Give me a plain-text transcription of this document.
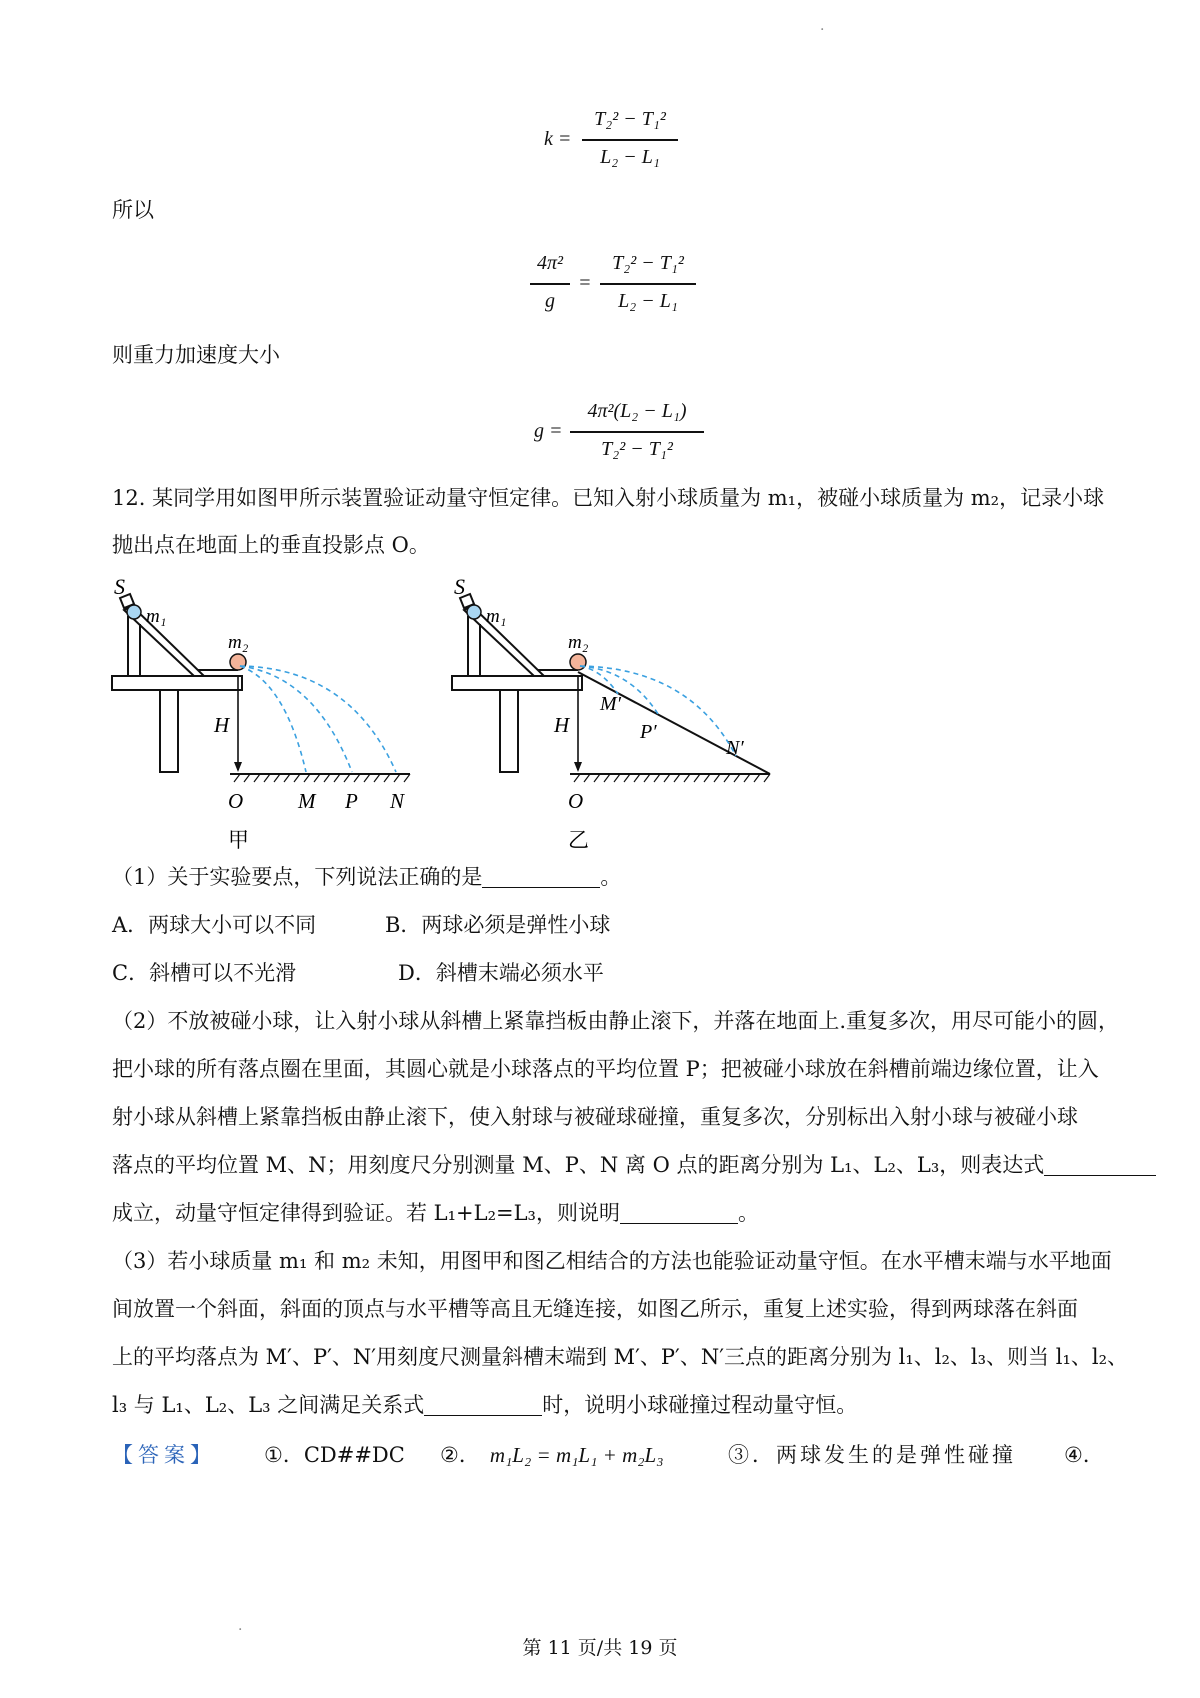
·
·
k =
T₂² − T₁²
L₂ − L₁
所以
4π²
g
=
T₂² − T₁²
L₂ − L₁
则重力加速度大小
g =
4π²(L₂ − L₁)
T₂² − T₁²
12. 某同学用如图甲所示装置验证动量守恒定律。已知入射小球质量为 m₁，被碰小球质量为 m₂，记录小球
抛出点在地面上的垂直投影点 O。
S
m₁
m₂
H
O	M P N
甲
S
m₁
m₂
H
M′
P′
N′
O
乙
（1）关于实验要点，下列说法正确的是	。
A．两球大小可以不同	B．两球必须是弹性小球
C．斜槽可以不光滑	D．斜槽末端必须水平
（2）不放被碰小球，让入射小球从斜槽上紧靠挡板由静止滚下，并落在地面上.重复多次，用尽可能小的圆，
把小球的所有落点圈在里面，其圆心就是小球落点的平均位置 P；把被碰小球放在斜槽前端边缘位置，让入
射小球从斜槽上紧靠挡板由静止滚下，使入射球与被碰球碰撞，重复多次，分别标出入射小球与被碰小球
落点的平均位置 M、N；用刻度尺分别测量 M、P、N 离 O 点的距离分别为 L₁、L₂、L₃，则表达式
成立，动量守恒定律得到验证。若 L₁+L₂=L₃，则说明	。
（3）若小球质量 m₁ 和 m₂ 未知，用图甲和图乙相结合的方法也能验证动量守恒。在水平槽末端与水平地面
间放置一个斜面，斜面的顶点与水平槽等高且无缝连接，如图乙所示，重复上述实验，得到两球落在斜面
上的平均落点为 M′、P′、N′用刻度尺测量斜槽末端到 M′、P′、N′三点的距离分别为 l₁、l₂、l₃、则当 l₁、l₂、
l₃ 与 L₁、L₂、L₃ 之间满足关系式	时，说明小球碰撞过程动量守恒。
【答案】 ①．CD##DC ②． m₁L₂ = m₁L₁ + m₂L₃	③．两球发生的是弹性碰撞 ④．
第 11 页/共 19 页
